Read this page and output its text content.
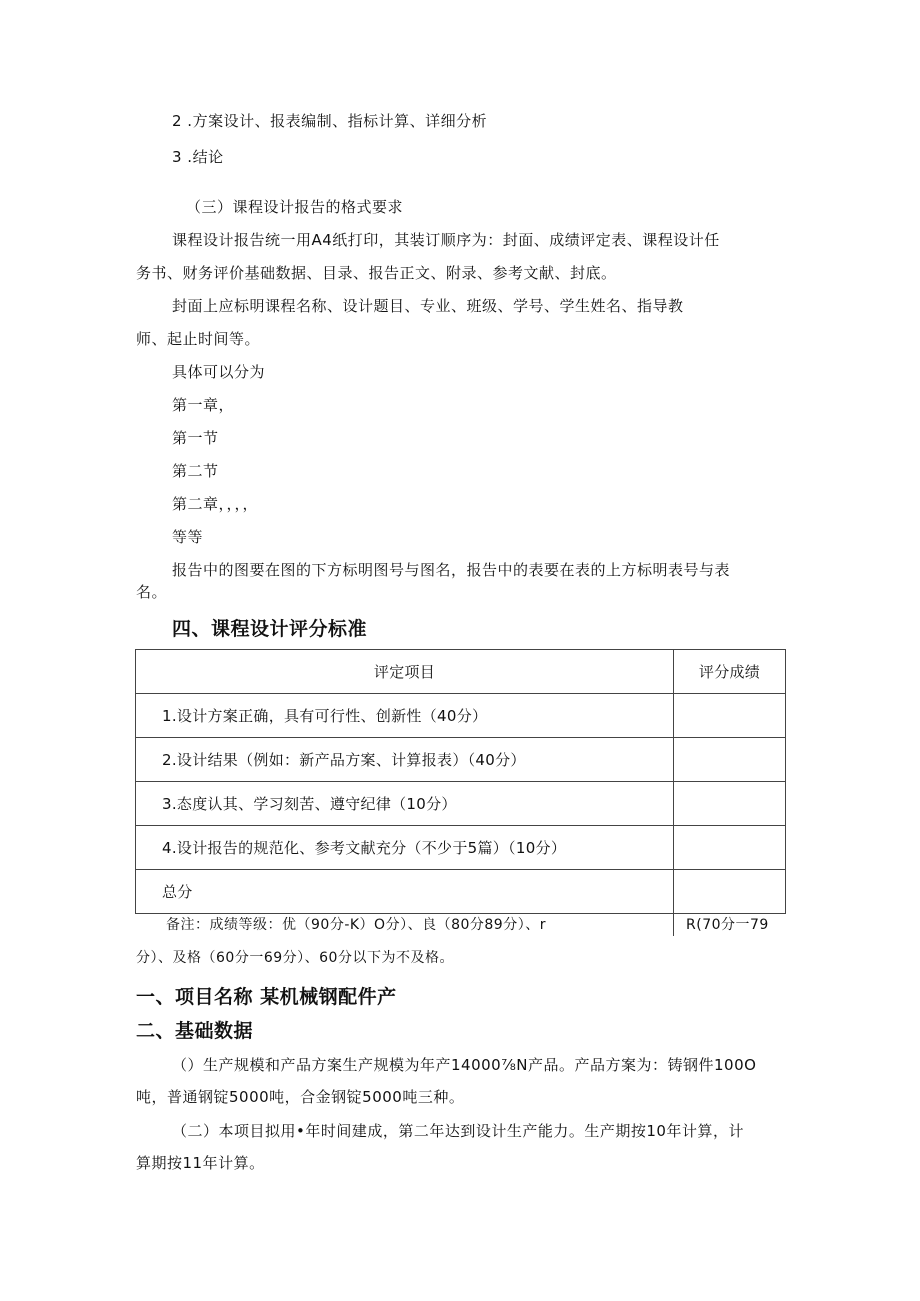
2 .方案设计、报表编制、指标计算、详细分析
3 .结论
（三）课程设计报告的格式要求
课程设计报告统一用A4纸打印，其装订顺序为：封面、成绩评定表、课程设计任
务书、财务评价基础数据、目录、报告正文、附录、参考文献、封底。
封面上应标明课程名称、设计题目、专业、班级、学号、学生姓名、指导教
师、起止时间等。
具体可以分为
第一章，
第一节
第二节
第二章，，，，
等等
报告中的图要在图的下方标明图号与图名，报告中的表要在表的上方标明表号与表
名。
四、课程设计评分标准
评定项目	评分成绩
1.设计方案正确，具有可行性、创新性（40分）	
2.设计结果（例如：新产品方案、计算报表）（40分）	
3.态度认其、学习刻苦、遵守纪律（10分）	
4.设计报告的规范化、参考文献充分（不少于5篇）（10分）	
总分	
备注：成绩等级：优（90分-K）O分）、良（80分89分）、r	R(70分一79
分）、及格（60分一69分）、60分以下为不及格。
一、项目名称 某机械钢配件产
二、基础数据
（）生产规模和产品方案生产规模为年产14000⅞N产品。产品方案为：铸钢件100O
吨，普通钢锭5000吨，合金钢锭5000吨三种。
（二）本项目拟用•年时间建成，第二年达到设计生产能力。生产期按10年计算，计
算期按11年计算。
